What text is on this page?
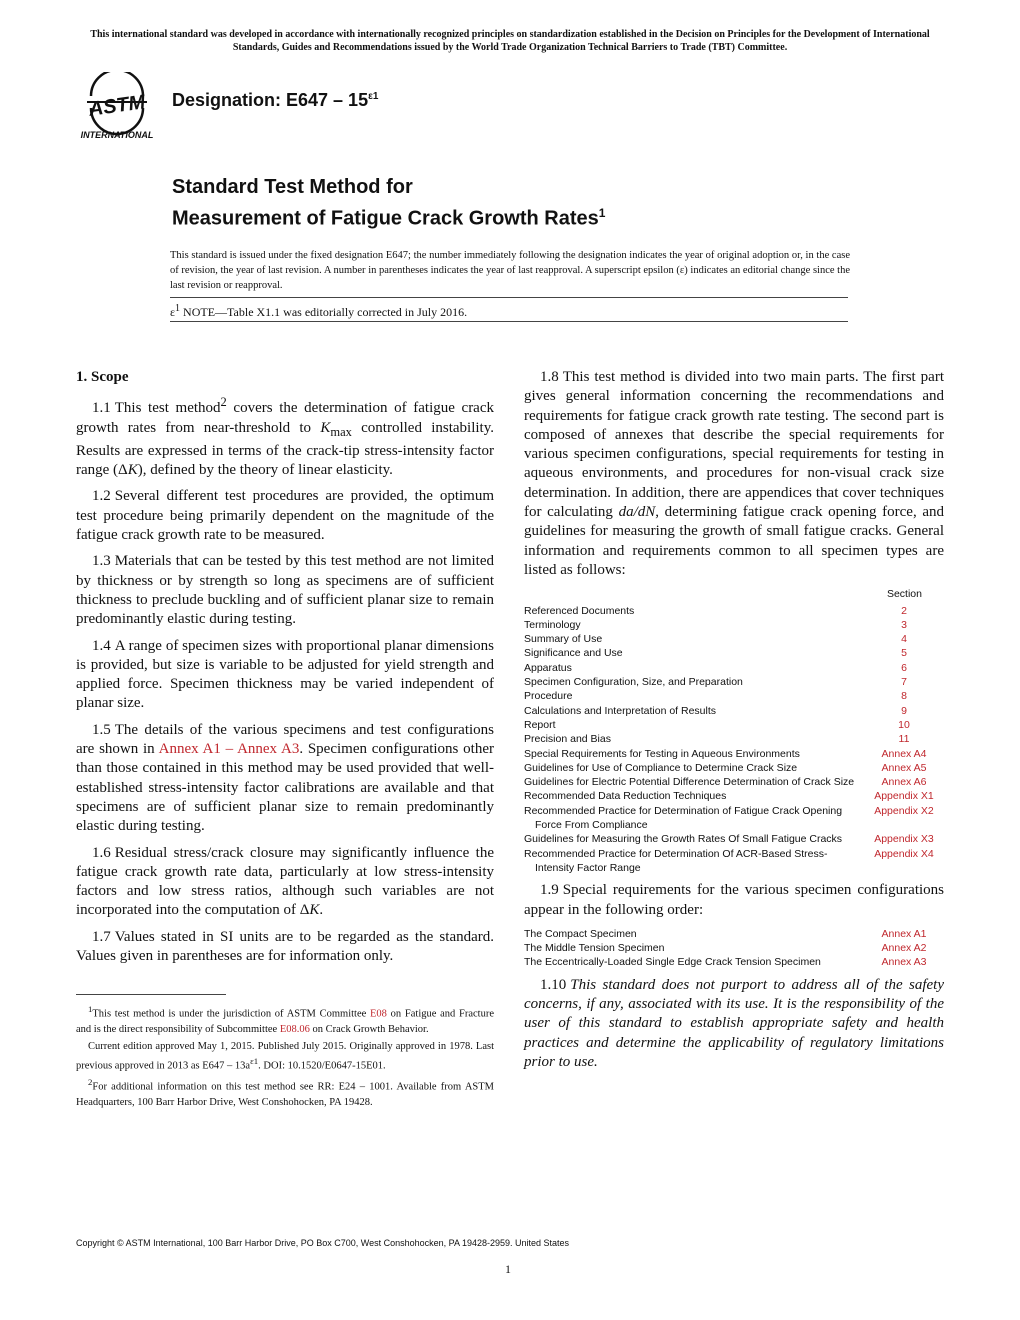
This international standard was developed in accordance with internationally recognized principles on standardization established in the Decision on Principles for the Development of International Standards, Guides and Recommendations issued by the World Trade Organization Technical Barriers to Trade (TBT) Committee.
ASTM
INTERNATIONAL
Designation: $E647 - 15^{\varepsilon 1}$
Standard Test Method for
Measurement of Fatigue Crack Growth Rates$^1$
This standard is issued under the fixed designation E647; the number immediately following the designation indicates the year of original adoption or, in the case of revision, the year of last revision. A number in parentheses indicates the year of last reapproval. A superscript epsilon (ε) indicates an editorial change since the last revision or reapproval.
$\varepsilon^1$ NOTE—Table X1.1 was editorially corrected in July 2016.
1. Scope

1.1 This test method$^2$ covers the determination of fatigue crack growth rates from near-threshold to $K_{max}$ controlled instability. Results are expressed in terms of the crack-tip stress-intensity factor range (ΔK), defined by the theory of linear elasticity.

1.2 Several different test procedures are provided, the optimum test procedure being primarily dependent on the magnitude of the fatigue crack growth rate to be measured.

1.3 Materials that can be tested by this test method are not limited by thickness or by strength so long as specimens are of sufficient thickness to preclude buckling and of sufficient planar size to remain predominantly elastic during testing.

1.4 A range of specimen sizes with proportional planar dimensions is provided, but size is variable to be adjusted for yield strength and applied force. Specimen thickness may be varied independent of planar size.

1.5 The details of the various specimens and test configurations are shown in Annex A1 – Annex A3. Specimen configurations other than those contained in this method may be used provided that well-established stress-intensity factor calibrations are available and that specimens are of sufficient planar size to remain predominantly elastic during testing.

1.6 Residual stress/crack closure may significantly influence the fatigue crack growth rate data, particularly at low stress-intensity factors and low stress ratios, although such variables are not incorporated into the computation of ΔK.

1.7 Values stated in SI units are to be regarded as the standard. Values given in parentheses are for information only.

1.8 This test method is divided into two main parts. The first part gives general information concerning the recommendations and requirements for fatigue crack growth rate testing. The second part is composed of annexes that describe the special requirements for various specimen configurations, special requirements for testing in aqueous environments, and procedures for non-visual crack size determination. In addition, there are appendices that cover techniques for calculating da/dN, determining fatigue crack opening force, and guidelines for measuring the growth of small fatigue cracks. General information and requirements common to all specimen types are listed as follows:

Section
Referenced Documents	2
Terminology	3
Summary of Use	4
Significance and Use	5
Apparatus	6
Specimen Configuration, Size, and Preparation	7
Procedure	8
Calculations and Interpretation of Results	9
Report	10
Precision and Bias	11
Special Requirements for Testing in Aqueous Environments	Annex A4
Guidelines for Use of Compliance to Determine Crack Size	Annex A5
Guidelines for Electric Potential Difference Determination of Crack Size	Annex A6
Recommended Data Reduction Techniques	Appendix X1
Recommended Practice for Determination of Fatigue Crack Opening Force From Compliance
Appendix X2
Guidelines for Measuring the Growth Rates Of Small Fatigue Cracks	Appendix X3
Recommended Practice for Determination Of ACR-Based Stress-Intensity Factor Range
Appendix X4

1.9 Special requirements for the various specimen configurations appear in the following order:

The Compact Specimen	Annex A1
The Middle Tension Specimen	Annex A2
The Eccentrically-Loaded Single Edge Crack Tension Specimen	Annex A3

1.10 This standard does not purport to address all of the safety concerns, if any, associated with its use. It is the responsibility of the user of this standard to establish appropriate safety and health practices and determine the applicability of regulatory limitations prior to use.

$^1$This test method is under the jurisdiction of ASTM Committee E08 on Fatigue and Fracture and is the direct responsibility of Subcommittee E08.06 on Crack Growth Behavior.

Current edition approved May 1, 2015. Published July 2015. Originally approved in 1978. Last previous approved in 2013 as $E647 - 13a^{\varepsilon 1}$. DOI: 10.1520/E0647-15E01.

$^2$For additional information on this test method see RR: E24 – 1001. Available from ASTM Headquarters, 100 Barr Harbor Drive, West Conshohocken, PA 19428.

Copyright © ASTM International, 100 Barr Harbor Drive, PO Box C700, West Conshohocken, PA 19428-2959. United States
1
